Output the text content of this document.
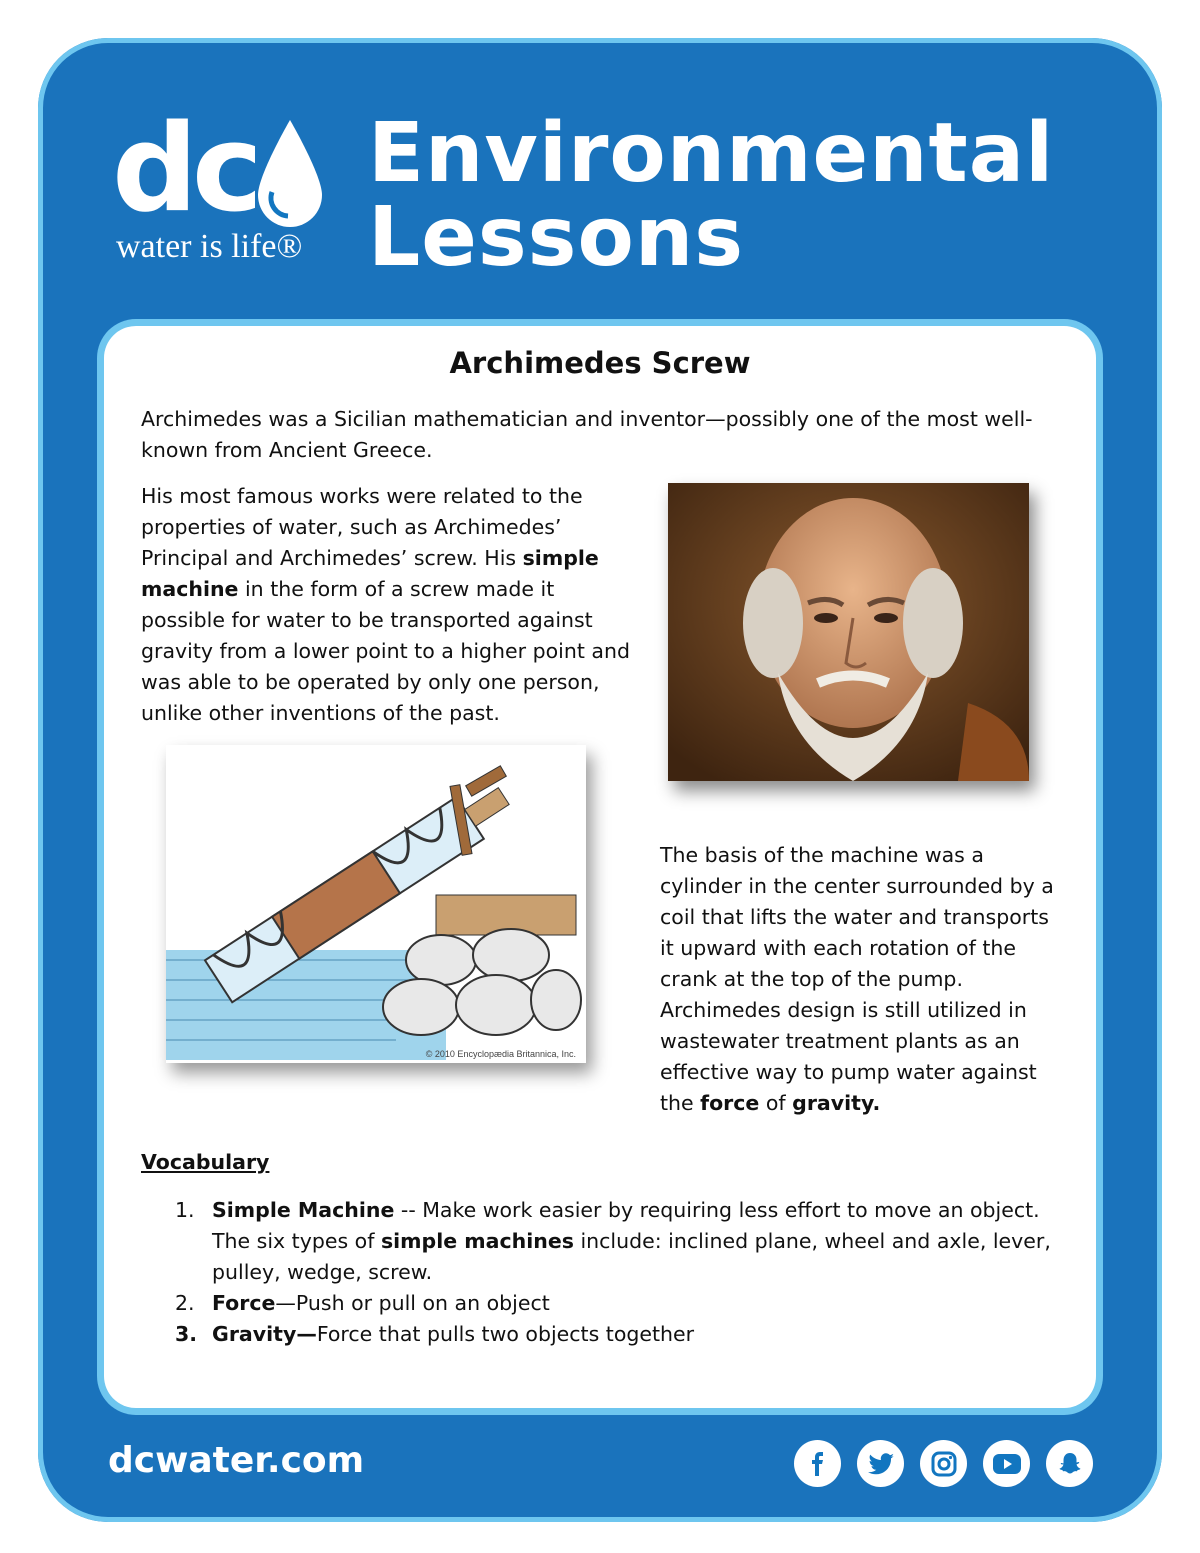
dc
water is life®
Environmental
Lessons
Archimedes Screw
Archimedes was a Sicilian mathematician and inventor—possibly one of the most well-known from Ancient Greece.
His most famous works were related to the properties of water, such as Archimedes’ Principal and Archimedes’ screw. His simple machine in the form of a screw made it possible for water to be transported against gravity from a lower point to a higher point and was able to be operated by only one person, unlike other inventions of the past.
© 2010 Encyclopædia Britannica, Inc.
The basis of the machine was a cylinder in the center surrounded by a coil that lifts the water and transports it upward with each rotation of the crank at the top of the pump. Archimedes design is still utilized in wastewater treatment plants as an effective way to pump water against the force of gravity.
Vocabulary
1. Simple Machine -- Make work easier by requiring less effort to move an object. The six types of simple machines include: inclined plane, wheel and axle, lever, pulley, wedge, screw.
2. Force—Push or pull on an object
3. Gravity—Force that pulls two objects together
dcwater.com
